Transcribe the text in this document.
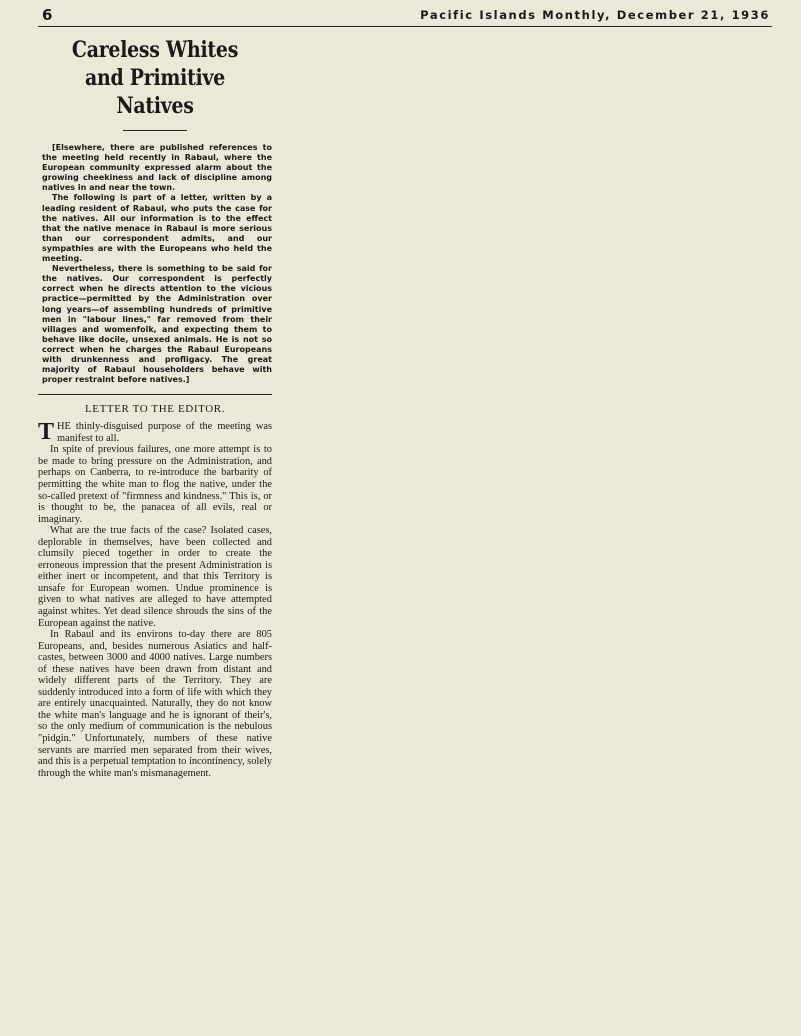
6	Pacific Islands Monthly, December 21, 1936
Careless Whites and Primitive Natives

[Elsewhere, there are published references to the meeting held recently in Rabaul, where the European community expressed alarm about the growing cheekiness and lack of discipline among natives in and near the town.

The following is part of a letter, written by a leading resident of Rabaul, who puts the case for the natives. All our information is to the effect that the native menace in Rabaul is more serious than our correspondent admits, and our sympathies are with the Europeans who held the meeting.

Nevertheless, there is something to be said for the natives. Our correspondent is perfectly correct when he directs attention to the vicious practice—permitted by the Administration over long years—of assembling hundreds of primitive men in "labour lines," far removed from their villages and womenfolk, and expecting them to behave like docile, unsexed animals. He is not so correct when he charges the Rabaul Europeans with drunkenness and profligacy. The great majority of Rabaul householders behave with proper restraint before natives.]

LETTER TO THE EDITOR.

THE thinly-disguised purpose of the meeting was manifest to all.

In spite of previous failures, one more attempt is to be made to bring pressure on the Administration, and perhaps on Canberra, to re-introduce the barbarity of permitting the white man to flog the native, under the so-called pretext of "firmness and kindness." This is, or is thought to be, the panacea of all evils, real or imaginary.

What are the true facts of the case? Isolated cases, deplorable in themselves, have been collected and clumsily pieced together in order to create the erroneous impression that the present Administration is either inert or incompetent, and that this Territory is unsafe for European women. Undue prominence is given to what natives are alleged to have attempted against whites. Yet dead silence shrouds the sins of the European against the native.

In Rabaul and its environs to-day there are 805 Europeans, and, besides numerous Asiatics and half-castes, between 3000 and 4000 natives. Large numbers of these natives have been drawn from distant and widely different parts of the Territory. They are suddenly introduced into a form of life with which they are entirely unacquainted. Naturally, they do not know the white man's language and he is ignorant of their's, so the only medium of communication is the nebulous "pidgin." Unfortunately, numbers of these native servants are married men separated from their wives, and this is a perpetual temptation to incontinency, solely through the white man's mismanagement.
